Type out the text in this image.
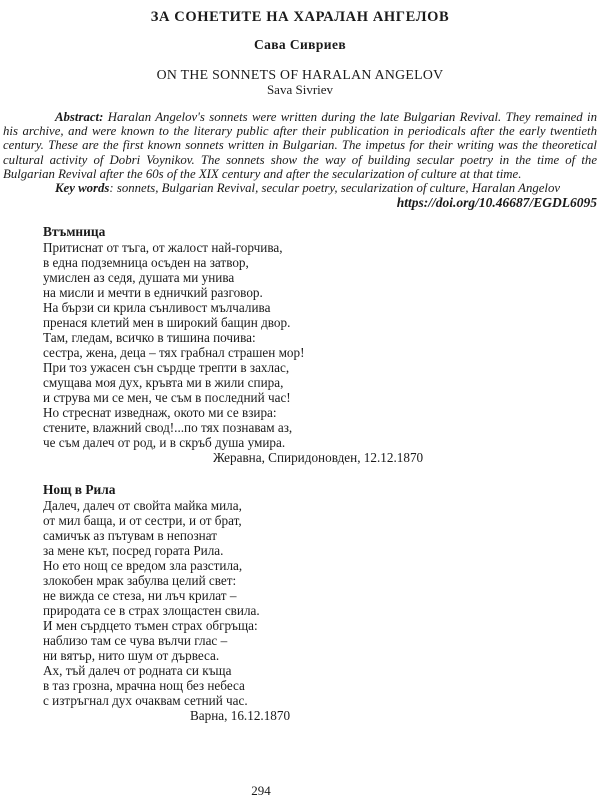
ЗА СОНЕТИТЕ НА ХАРАЛАН АНГЕЛОВ
Сава Сивриев
ON THE SONNETS OF HARALAN ANGELOV
Sava Sivriev

Abstract: Haralan Angelov's sonnets were written during the late Bulgarian Revival. They remained in his archive, and were known to the literary public after their publication in periodicals after the early twentieth century. These are the first known sonnets written in Bulgarian. The impetus for their writing was the theoretical cultural activity of Dobri Voynikov. The sonnets show the way of building secular poetry in the time of the Bulgarian Revival after the 60s of the XIX century and after the secularization of culture at that time.

Key words: sonnets, Bulgarian Revival, secular poetry, secularization of culture, Haralan Angelov

https://doi.org/10.46687/EGDL6095
Втъмница
Притиснат от тъга, от жалост най-горчива,
в една подземница осъден на затвор,
умислен аз седя, душата ми унива
на мисли и мечти в едничкий разговор.
На бързи си крила сънливост мълчалива
пренася клетий мен в широкий бащин двор.
Там, гледам, всичко в тишина почива:
сестра, жена, деца – тях грабнал страшен мор!
При тоз ужасен сън сърдце трепти в захлас,
смущава моя дух, кръвта ми в жили спира,
и струва ми се мен, че съм в последний час!
Но стреснат изведнаж, окото ми се взира:
стените, влажний свод!...по тях познавам аз,
че съм далеч от род, и в скръб душа умира.
Жеравна, Спиридоновден, 12.12.1870
Нощ в Рила
Далеч, далеч от свойта майка мила,
от мил баща, и от сестри, и от брат,
самичък аз пътувам в непознат
за мене кът, посред гората Рила.
Но ето нощ се вредом зла разстила,
злокобен мрак забулва целий свет:
не вижда се стеза, ни лъч крилат –
природата се в страх злощастен свила.
И мен сърдцето тъмен страх обгръща:
наблизо там се чува вълчи глас –
ни вятър, нито шум от дървеса.
Ах, тъй далеч от родната си къща
в таз грозна, мрачна нощ без небеса
с изтръгнал дух очаквам сетний час.
Варна, 16.12.1870
294
